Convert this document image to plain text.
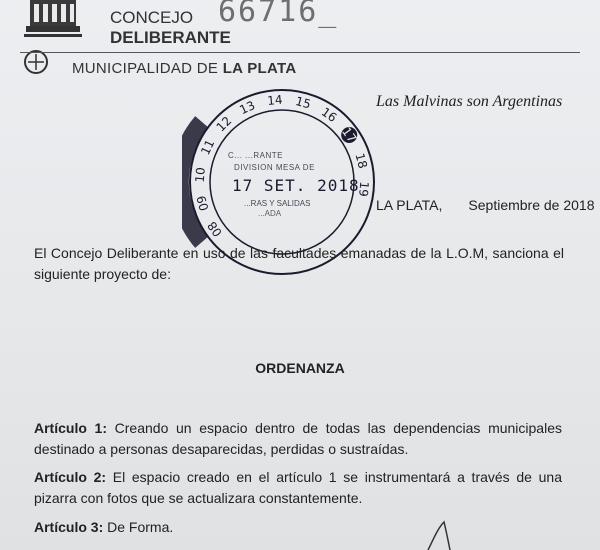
CONCEJO
DELIBERANTE
66716_
MUNICIPALIDAD DE LA PLATA
Las Malvinas son Argentinas
08
09
10
11
12
13 14 15
16
17
18
19
C... ...RANTE
DIVISION MESA DE
17 SET. 2018
...RAS Y SALIDAS
...ADA
LA PLATA, Septiembre de 2018
El Concejo Deliberante en uso de las facultades emanadas de la L.O.M, sanciona el siguiente proyecto de:
ORDENANZA
Artículo 1: Creando un espacio dentro de todas las dependencias municipales destinado a personas desaparecidas, perdidas o sustraídas.
Artículo 2: El espacio creado en el artículo 1 se instrumentará a través de una pizarra con fotos que se actualizara constantemente.
Artículo 3: De Forma.
